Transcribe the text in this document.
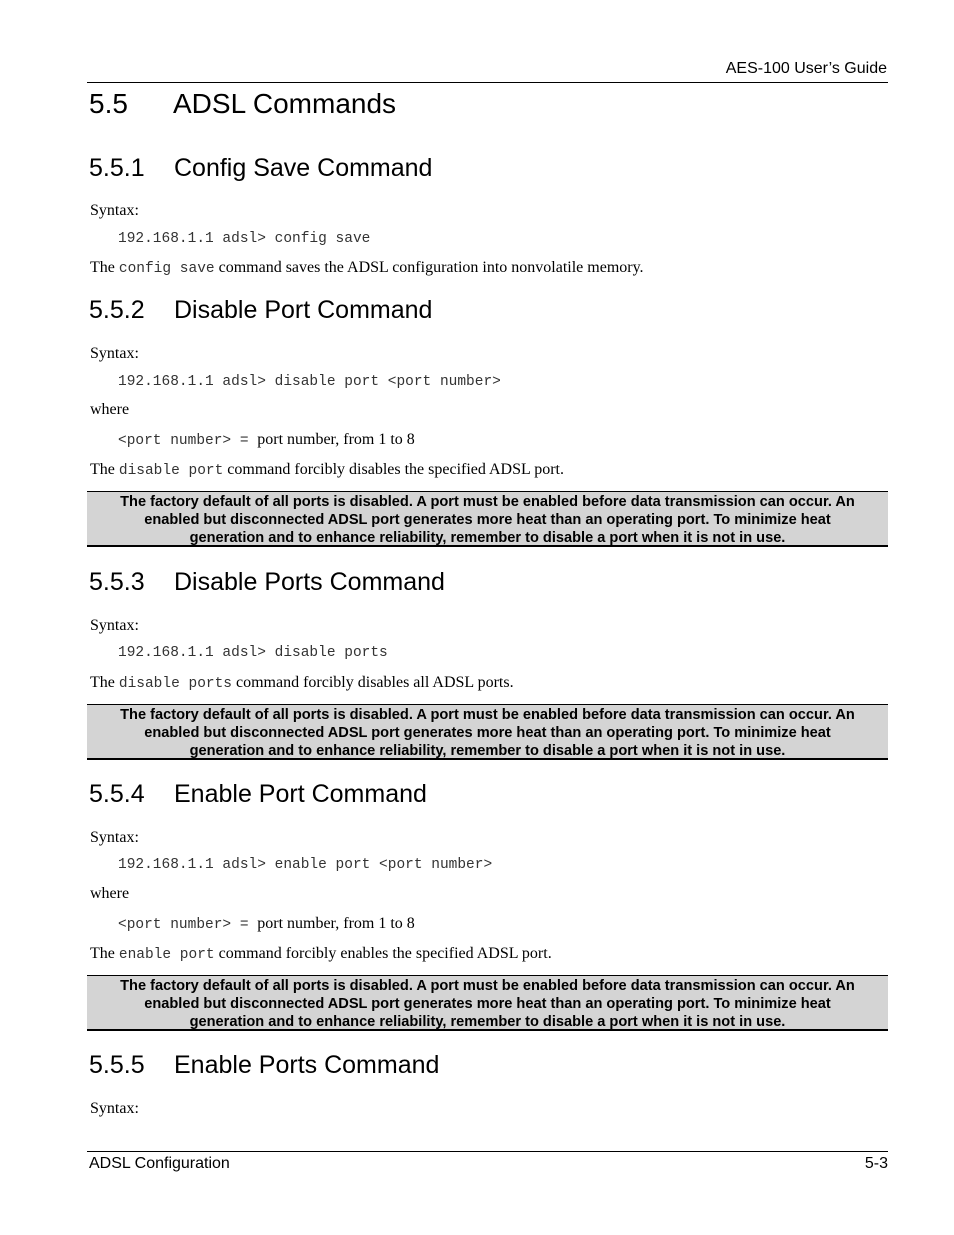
AES-100 User’s Guide
5.5 ADSL Commands
5.5.1 Config Save Command
Syntax:
192.168.1.1 adsl> config save
The config save command saves the ADSL configuration into nonvolatile memory.
5.5.2 Disable Port Command
Syntax:
192.168.1.1 adsl> disable port <port number>
where
<port number> = port number, from 1 to 8
The disable port command forcibly disables the specified ADSL port.
The factory default of all ports is disabled. A port must be enabled before data transmission can occur. An
enabled but disconnected ADSL port generates more heat than an operating port. To minimize heat
generation and to enhance reliability, remember to disable a port when it is not in use.
5.5.3 Disable Ports Command
Syntax:
192.168.1.1 adsl> disable ports
The disable ports command forcibly disables all ADSL ports.
The factory default of all ports is disabled. A port must be enabled before data transmission can occur. An
enabled but disconnected ADSL port generates more heat than an operating port. To minimize heat
generation and to enhance reliability, remember to disable a port when it is not in use.
5.5.4 Enable Port Command
Syntax:
192.168.1.1 adsl> enable port <port number>
where
<port number> = port number, from 1 to 8
The enable port command forcibly enables the specified ADSL port.
The factory default of all ports is disabled. A port must be enabled before data transmission can occur. An
enabled but disconnected ADSL port generates more heat than an operating port. To minimize heat
generation and to enhance reliability, remember to disable a port when it is not in use.
5.5.5 Enable Ports Command
Syntax:
ADSL Configuration	5-3
